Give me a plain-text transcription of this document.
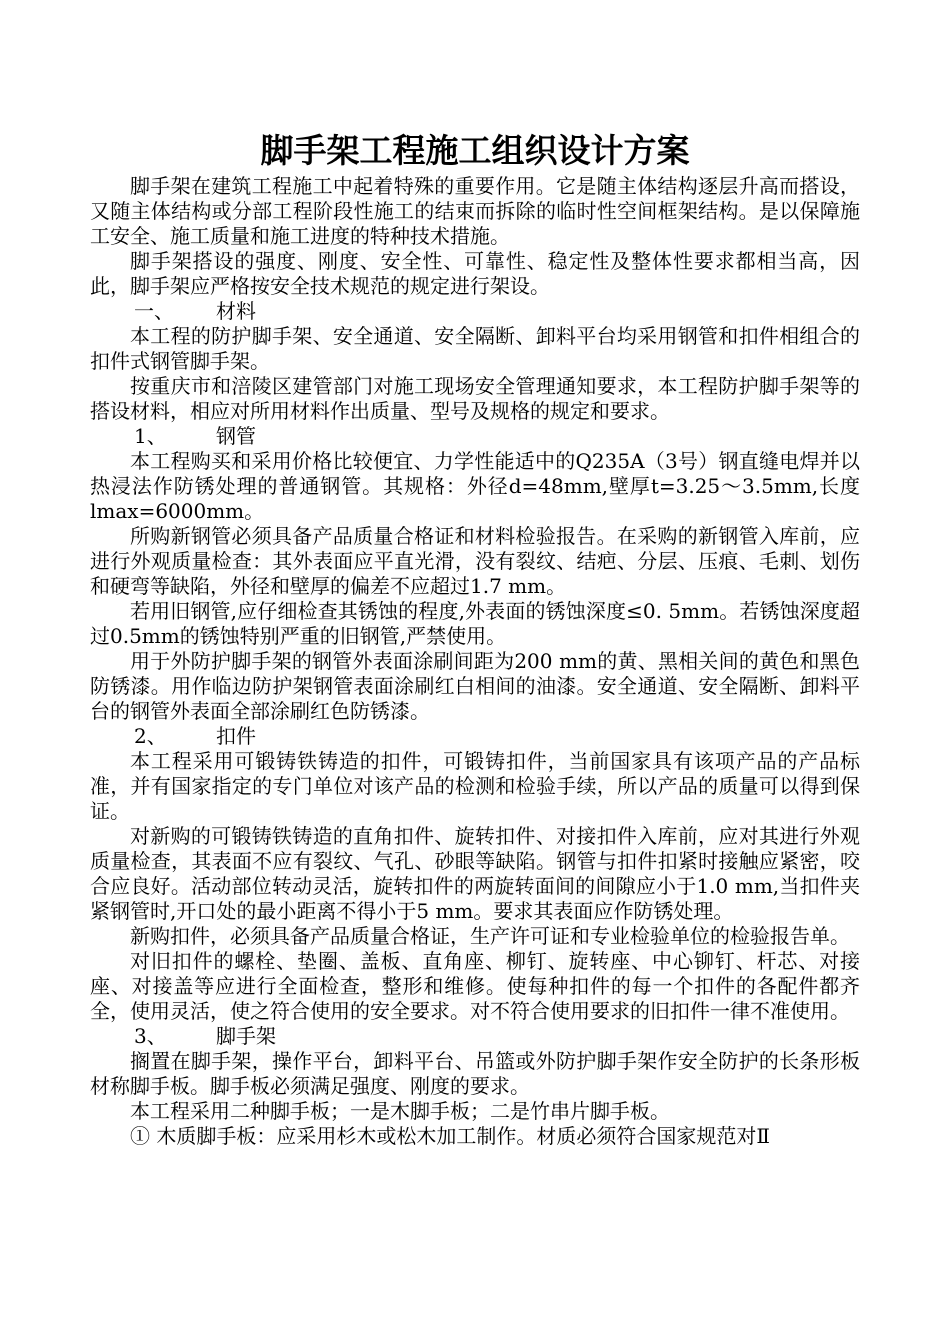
脚手架工程施工组织设计方案

脚手架在建筑工程施工中起着特殊的重要作用。它是随主体结构逐层升高而搭设，又随主体结构或分部工程阶段性施工的结束而拆除的临时性空间框架结构。是以保障施工安全、施工质量和施工进度的特种技术措施。

脚手架搭设的强度、刚度、安全性、可靠性、稳定性及整体性要求都相当高，因此，脚手架应严格按安全技术规范的规定进行架设。

一、 材料

本工程的防护脚手架、安全通道、安全隔断、卸料平台均采用钢管和扣件相组合的扣件式钢管脚手架。

按重庆市和涪陵区建管部门对施工现场安全管理通知要求，本工程防护脚手架等的搭设材料，相应对所用材料作出质量、型号及规格的规定和要求。

1、 钢管

本工程购买和采用价格比较便宜、力学性能适中的Q235A（3号）钢直缝电焊并以热浸法作防锈处理的普通钢管。其规格：外径d=48mm,壁厚t=3.25～3.5mm,长度lmax=6000mm。

所购新钢管必须具备产品质量合格证和材料检验报告。在采购的新钢管入库前，应进行外观质量检查：其外表面应平直光滑，没有裂纹、结疤、分层、压痕、毛刺、划伤和硬弯等缺陷，外径和壁厚的偏差不应超过1.7 mm。

若用旧钢管,应仔细检查其锈蚀的程度,外表面的锈蚀深度≤0. 5mm。若锈蚀深度超过0.5mm的锈蚀特别严重的旧钢管,严禁使用。

用于外防护脚手架的钢管外表面涂刷间距为200 mm的黄、黑相关间的黄色和黑色防锈漆。用作临边防护架钢管表面涂刷红白相间的油漆。安全通道、安全隔断、卸料平台的钢管外表面全部涂刷红色防锈漆。

2、 扣件

本工程采用可锻铸铁铸造的扣件，可锻铸扣件，当前国家具有该项产品的产品标准，并有国家指定的专门单位对该产品的检测和检验手续，所以产品的质量可以得到保证。

对新购的可锻铸铁铸造的直角扣件、旋转扣件、对接扣件入库前，应对其进行外观质量检查，其表面不应有裂纹、气孔、砂眼等缺陷。钢管与扣件扣紧时接触应紧密，咬合应良好。活动部位转动灵活，旋转扣件的两旋转面间的间隙应小于1.0 mm,当扣件夹紧钢管时,开口处的最小距离不得小于5 mm。要求其表面应作防锈处理。

新购扣件，必须具备产品质量合格证，生产许可证和专业检验单位的检验报告单。

对旧扣件的螺栓、垫圈、盖板、直角座、柳钉、旋转座、中心铆钉、杆芯、对接座、对接盖等应进行全面检查，整形和维修。使每种扣件的每一个扣件的各配件都齐全，使用灵活，使之符合使用的安全要求。对不符合使用要求的旧扣件一律不准使用。

3、 脚手架

搁置在脚手架，操作平台，卸料平台、吊篮或外防护脚手架作安全防护的长条形板材称脚手板。脚手板必须满足强度、刚度的要求。

本工程采用二种脚手板；一是木脚手板；二是竹串片脚手板。

① 木质脚手板：应采用杉木或松木加工制作。材质必须符合国家规范对Ⅱ
